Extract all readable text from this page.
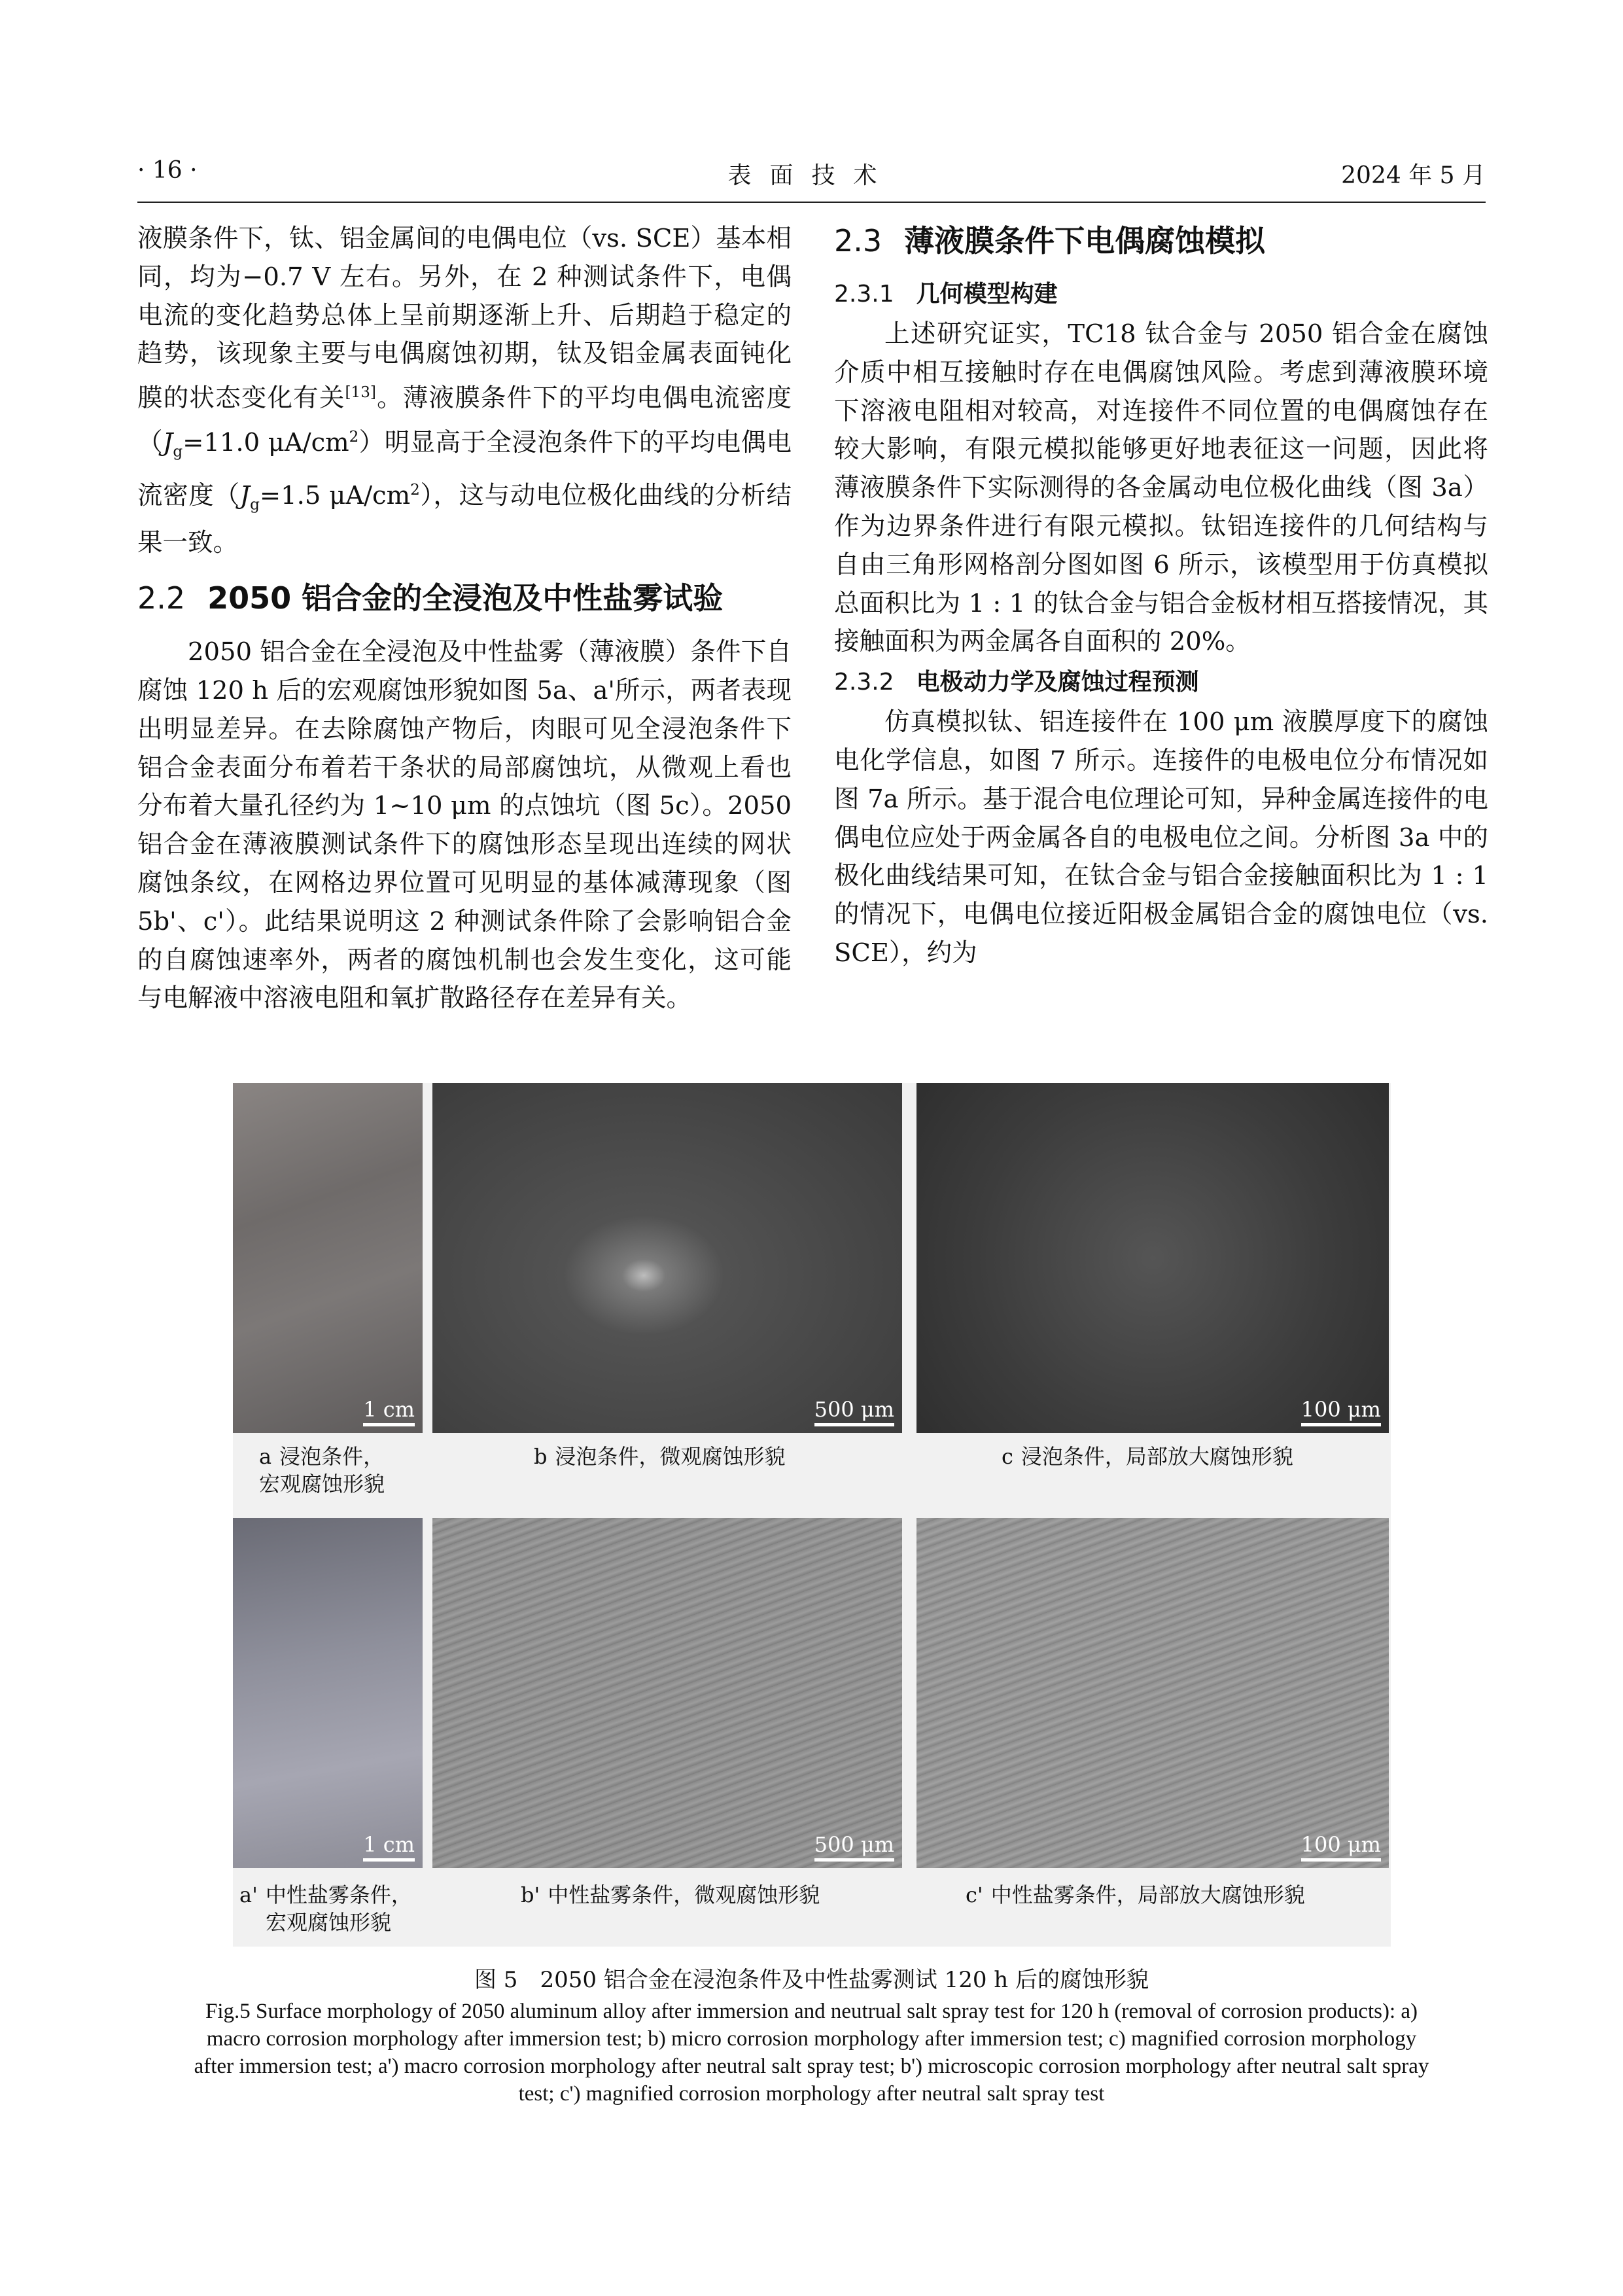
· 16 ·	表面技术	2024 年 5 月

液膜条件下，钛、铝金属间的电偶电位（vs. SCE）基本相同，均为−0.7 V 左右。另外，在 2 种测试条件下，电偶电流的变化趋势总体上呈前期逐渐上升、后期趋于稳定的趋势，该现象主要与电偶腐蚀初期，钛及铝金属表面钝化膜的状态变化有关[13]。薄液膜条件下的平均电偶电流密度（$J_g=11.0$ $\mu A/cm^2$）明显高于全浸泡条件下的平均电偶电流密度（$J_g=1.5$ $\mu A/cm^2$），这与动电位极化曲线的分析结果一致。

2.2 2050 铝合金的全浸泡及中性盐雾试验

2050 铝合金在全浸泡及中性盐雾（薄液膜）条件下自腐蚀 120 h 后的宏观腐蚀形貌如图 5a、a'所示，两者表现出明显差异。在去除腐蚀产物后，肉眼可见全浸泡条件下铝合金表面分布着若干条状的局部腐蚀坑，从微观上看也分布着大量孔径约为 1~10 μm 的点蚀坑（图 5c）。2050 铝合金在薄液膜测试条件下的腐蚀形态呈现出连续的网状腐蚀条纹，在网格边界位置可见明显的基体减薄现象（图 5b'、c'）。此结果说明这 2 种测试条件除了会影响铝合金的自腐蚀速率外，两者的腐蚀机制也会发生变化，这可能与电解液中溶液电阻和氧扩散路径存在差异有关。

2.3 薄液膜条件下电偶腐蚀模拟
2.3.1 几何模型构建

上述研究证实，TC18 钛合金与 2050 铝合金在腐蚀介质中相互接触时存在电偶腐蚀风险。考虑到薄液膜环境下溶液电阻相对较高，对连接件不同位置的电偶腐蚀存在较大影响，有限元模拟能够更好地表征这一问题，因此将薄液膜条件下实际测得的各金属动电位极化曲线（图 3a）作为边界条件进行有限元模拟。钛铝连接件的几何结构与自由三角形网格剖分图如图 6 所示，该模型用于仿真模拟总面积比为 1 : 1 的钛合金与铝合金板材相互搭接情况，其接触面积为两金属各自面积的 20%。

2.3.2 电极动力学及腐蚀过程预测

仿真模拟钛、铝连接件在 100 μm 液膜厚度下的腐蚀电化学信息，如图 7 所示。连接件的电极电位分布情况如图 7a 所示。基于混合电位理论可知，异种金属连接件的电偶电位应处于两金属各自的电极电位之间。分析图 3a 中的极化曲线结果可知，在钛合金与铝合金接触面积比为 1 : 1 的情况下，电偶电位接近阳极金属铝合金的腐蚀电位（vs. SCE），约为

1 cm	500 μm	100 μm
a 浸泡条件，
宏观腐蚀形貌
b 浸泡条件，微观腐蚀形貌	c 浸泡条件，局部放大腐蚀形貌
1 cm	500 μm	100 μm
a' 中性盐雾条件，
宏观腐蚀形貌
b' 中性盐雾条件，微观腐蚀形貌	c' 中性盐雾条件，局部放大腐蚀形貌
图 5　2050 铝合金在浸泡条件及中性盐雾测试 120 h 后的腐蚀形貌
Fig.5 Surface morphology of 2050 aluminum alloy after immersion and neutrual salt spray test for 120 h (removal of corrosion products): a) macro corrosion morphology after immersion test; b) micro corrosion morphology after immersion test; c) magnified corrosion morphology after immersion test; a') macro corrosion morphology after neutral salt spray test; b') microscopic corrosion morphology after neutral salt spray test; c') magnified corrosion morphology after neutral salt spray test
